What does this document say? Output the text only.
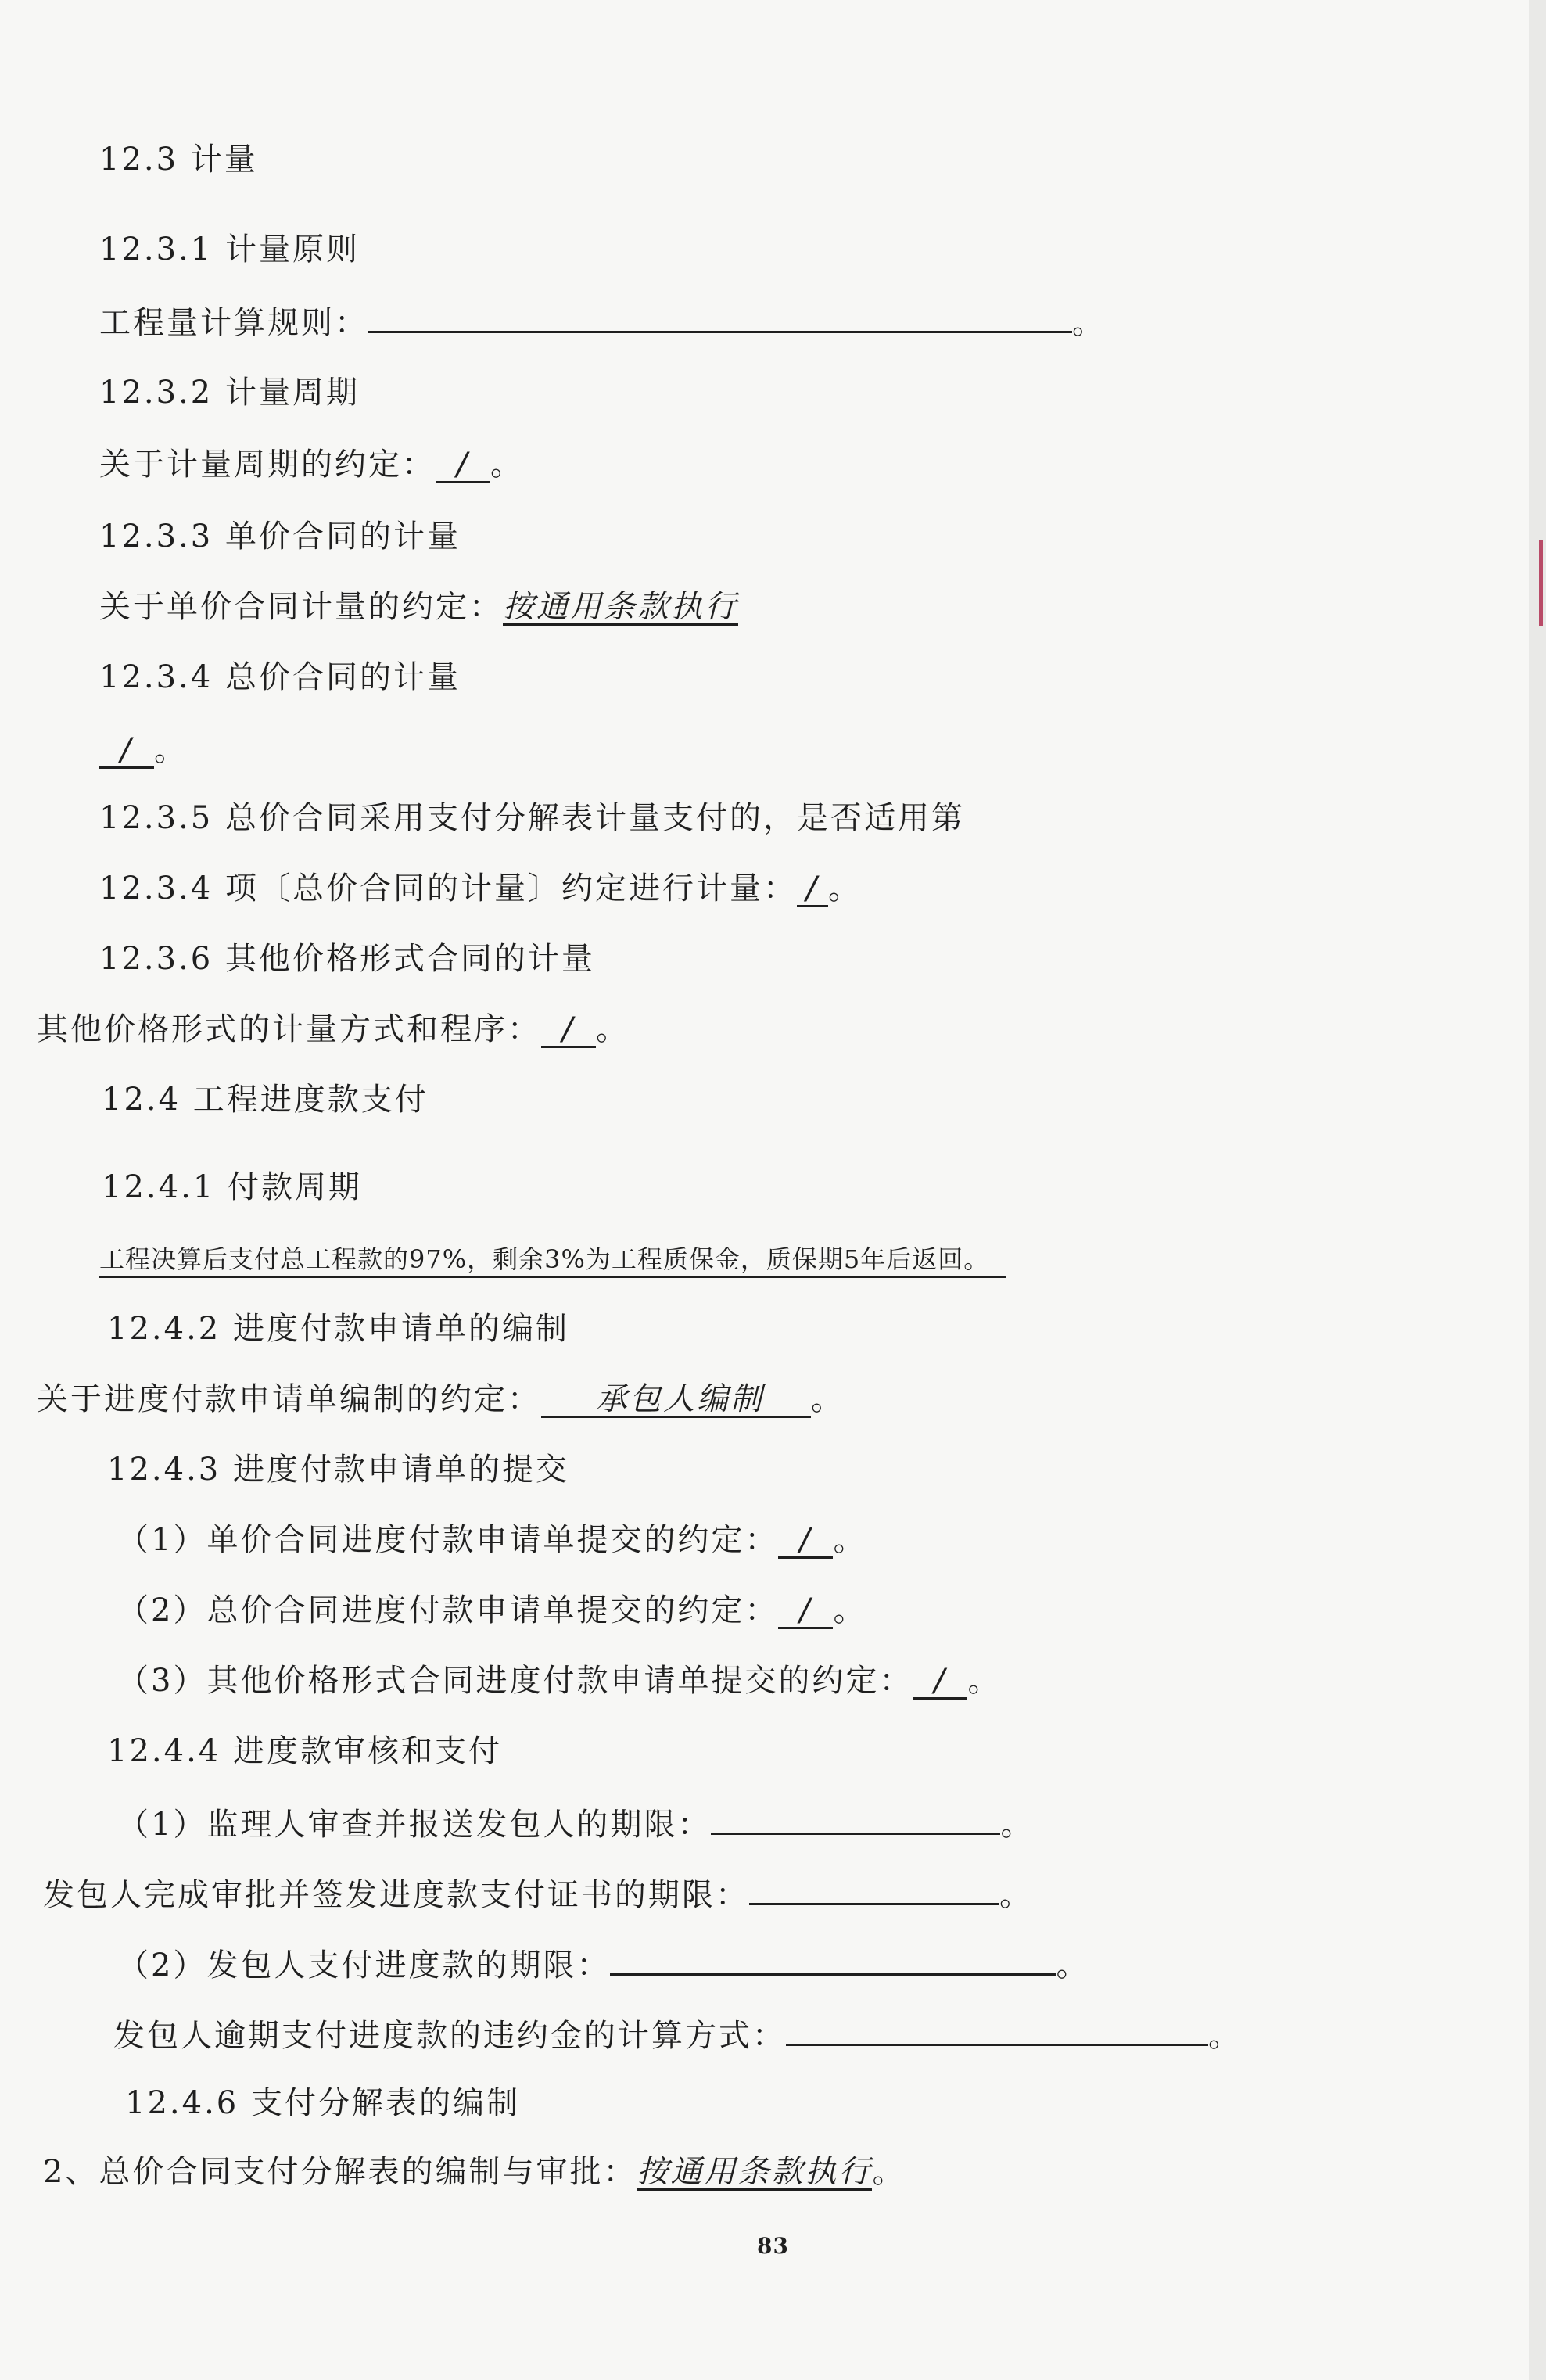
12.3 计量
12.3.1 计量原则
工程量计算规则：	。
12.3.2 计量周期
关于计量周期的约定： / 。
12.3.3 单价合同的计量
关于单价合同计量的约定：按通用条款执行
12.3.4 总价合同的计量
/ 。
12.3.5 总价合同采用支付分解表计量支付的，是否适用第
12.3.4 项〔总价合同的计量〕约定进行计量： / 。
12.3.6 其他价格形式合同的计量
其他价格形式的计量方式和程序： / 。
12.4 工程进度款支付
12.4.1 付款周期
工程决算后支付总工程款的97%，剩余3%为工程质保金，质保期5年后返回。
12.4.2 进度付款申请单的编制
关于进度付款申请单编制的约定： 承包人编制 。
12.4.3 进度付款申请单的提交
（1）单价合同进度付款申请单提交的约定： / 。
（2）总价合同进度付款申请单提交的约定： / 。
（3）其他价格形式合同进度付款申请单提交的约定： / 。
12.4.4 进度款审核和支付
（1）监理人审查并报送发包人的期限：	。
发包人完成审批并签发进度款支付证书的期限：	。
（2）发包人支付进度款的期限：	。
发包人逾期支付进度款的违约金的计算方式：	。
12.4.6 支付分解表的编制
2、总价合同支付分解表的编制与审批：按通用条款执行。
83
